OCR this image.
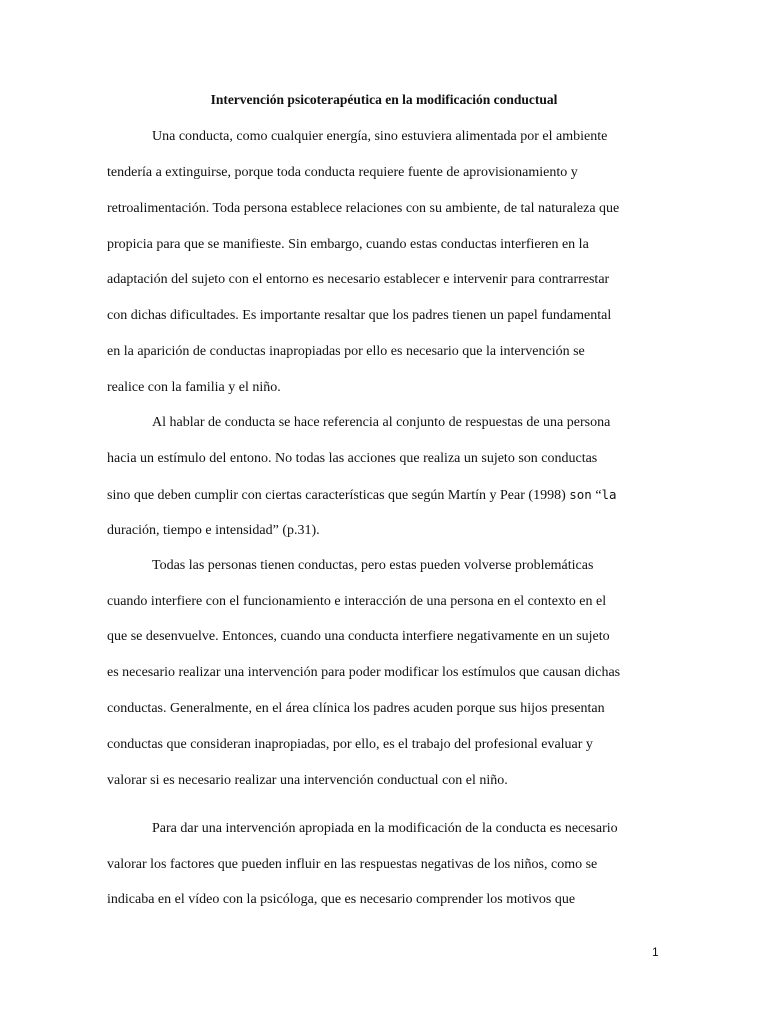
Intervención psicoterapéutica en la modificación conductual
Una conducta, como cualquier energía, sino estuviera alimentada por el ambiente
tendería a extinguirse, porque toda conducta requiere fuente de aprovisionamiento y
retroalimentación. Toda persona establece relaciones con su ambiente, de tal naturaleza que
propicia para que se manifieste. Sin embargo, cuando estas conductas interfieren en la
adaptación del sujeto con el entorno es necesario establecer e intervenir para contrarrestar
con dichas dificultades. Es importante resaltar que los padres tienen un papel fundamental
en la aparición de conductas inapropiadas por ello es necesario que la intervención se
realice con la familia y el niño.
Al hablar de conducta se hace referencia al conjunto de respuestas de una persona
hacia un estímulo del entono. No todas las acciones que realiza un sujeto son conductas
sino que deben cumplir con ciertas características que según Martín y Pear (1998) son “la
duración, tiempo e intensidad” (p.31).
Todas las personas tienen conductas, pero estas pueden volverse problemáticas
cuando interfiere con el funcionamiento e interacción de una persona en el contexto en el
que se desenvuelve. Entonces, cuando una conducta interfiere negativamente en un sujeto
es necesario realizar una intervención para poder modificar los estímulos que causan dichas
conductas. Generalmente, en el área clínica los padres acuden porque sus hijos presentan
conductas que consideran inapropiadas, por ello, es el trabajo del profesional evaluar y
valorar si es necesario realizar una intervención conductual con el niño.
Para dar una intervención apropiada en la modificación de la conducta es necesario
valorar los factores que pueden influir en las respuestas negativas de los niños, como se
indicaba en el vídeo con la psicóloga, que es necesario comprender los motivos que
1
